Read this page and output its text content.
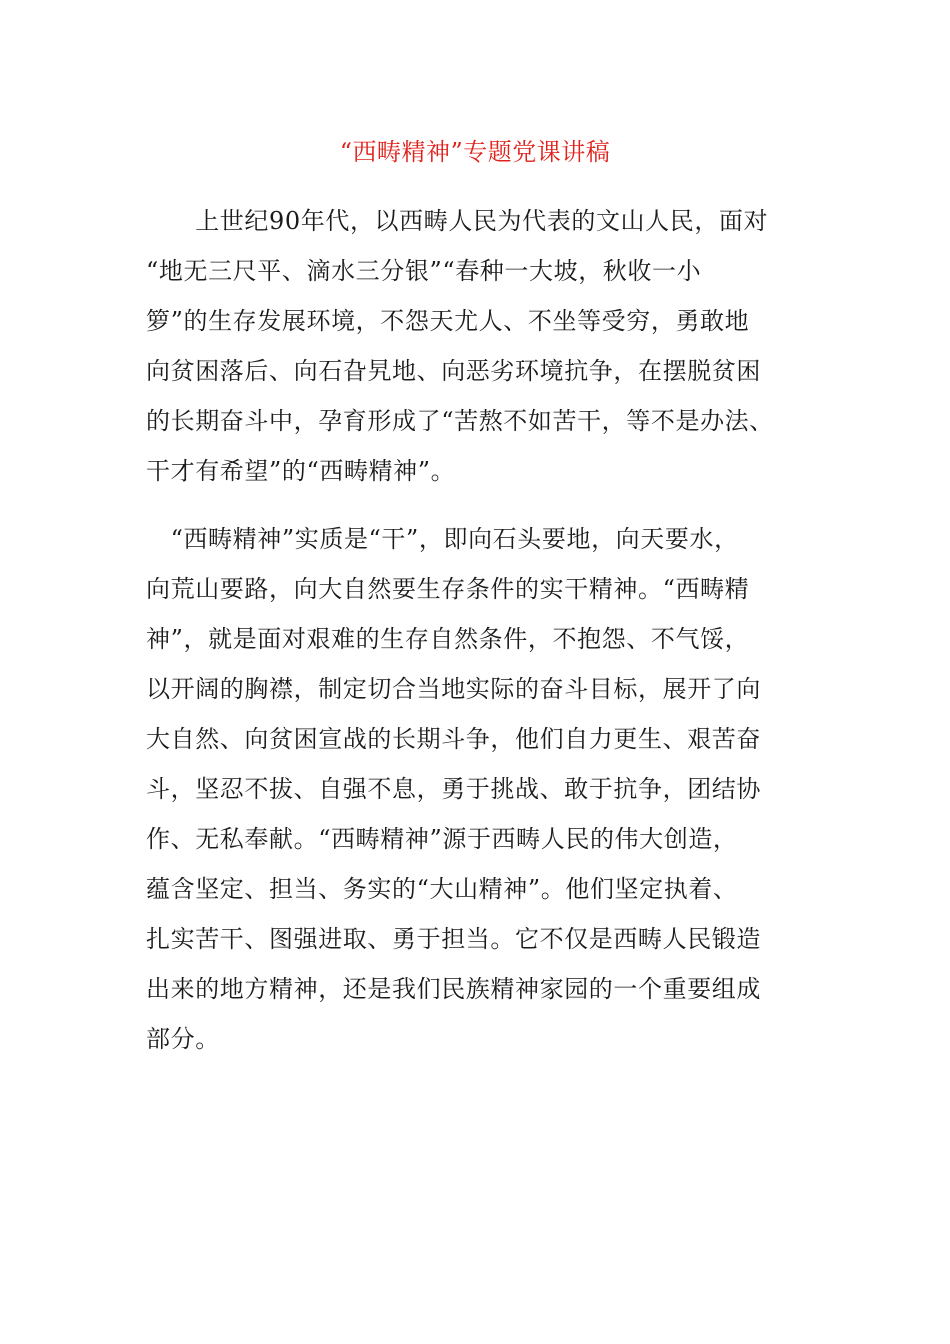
“西畴精神”专题党课讲稿
　　上世纪90年代，以西畴人民为代表的文山人民，面对
“地无三尺平、滴水三分银”“春种一大坡，秋收一小
箩”的生存发展环境，不怨天尤人、不坐等受穷，勇敢地
向贫困落后、向石旮旯地、向恶劣环境抗争，在摆脱贫困
的长期奋斗中，孕育形成了“苦熬不如苦干，等不是办法、
干才有希望”的“西畴精神”。
　“西畴精神”实质是“干”，即向石头要地，向天要水，
向荒山要路，向大自然要生存条件的实干精神。“西畴精
神”，就是面对艰难的生存自然条件，不抱怨、不气馁，
以开阔的胸襟，制定切合当地实际的奋斗目标，展开了向
大自然、向贫困宣战的长期斗争，他们自力更生、艰苦奋
斗，坚忍不拔、自强不息，勇于挑战、敢于抗争，团结协
作、无私奉献。“西畴精神”源于西畴人民的伟大创造，
蕴含坚定、担当、务实的“大山精神”。他们坚定执着、
扎实苦干、图强进取、勇于担当。它不仅是西畴人民锻造
出来的地方精神，还是我们民族精神家园的一个重要组成
部分。
